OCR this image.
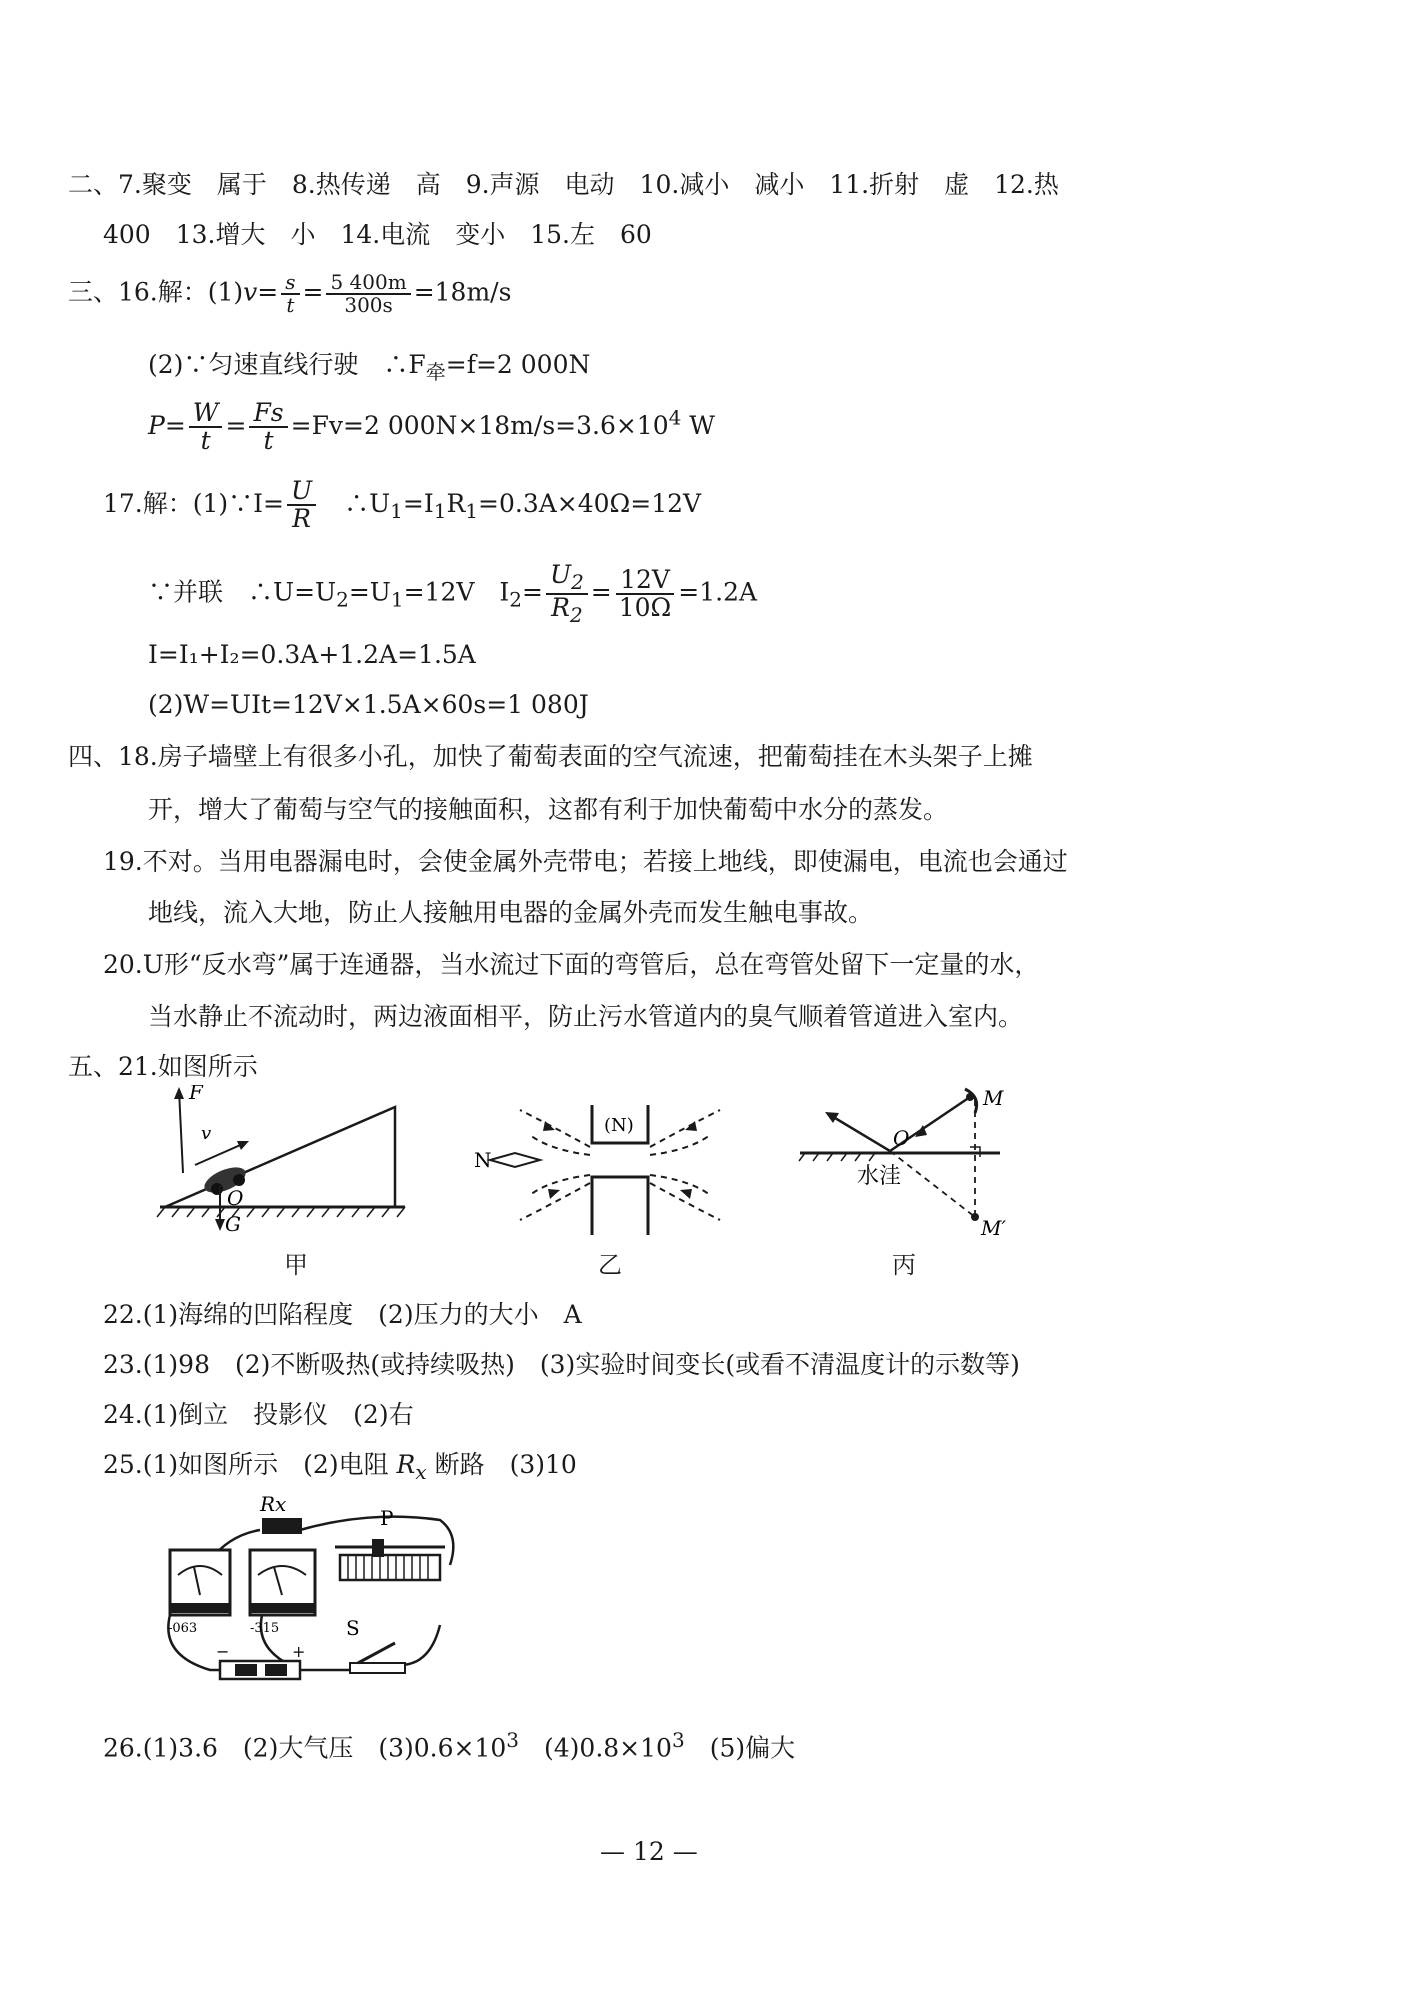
二、7.聚变　属于　8.热传递　高　9.声源　电动　10.减小　减小　11.折射　虚　12.热
400　13.增大　小　14.电流　变小　15.左　60
三、16.解：$(1)v= \frac{s}{t} = \frac{5 400m}{300s} =18m/s$
(2)∵匀速直线行驶　$\therefore F_牵=f=2$ 000N
$P= \frac{W}{t} = \frac{Fs}{t} =Fv=2$ $000N\times 18m/s=3.6\times 10^4$ W
17.解：(1)∵I= $\frac{U}{R}$ 　$\therefore U_1=I_1R_1=0.3A\times 40\Omega=12V$
∵并联　$\therefore U=U_2=U_1=12V$　$I_2= \frac{U_2}{R_2} = \frac{12V}{10\Omega} =1.2A$
I=I₁+I₂=0.3A+1.2A=1.5A
(2)W=UIt=12V×1.5A×60s=1 080J
四、18.房子墙壁上有很多小孔，加快了葡萄表面的空气流速，把葡萄挂在木头架子上摊
开，增大了葡萄与空气的接触面积，这都有利于加快葡萄中水分的蒸发。
19.不对。当用电器漏电时，会使金属外壳带电；若接上地线，即使漏电，电流也会通过
地线，流入大地，防止人接触用电器的金属外壳而发生触电事故。
20.U形“反水弯”属于连通器，当水流过下面的弯管后，总在弯管处留下一定量的水，
当水静止不流动时，两边液面相平，防止污水管道内的臭气顺着管道进入室内。
五、21.如图所示
F
v
O
G
甲
(N)
N
乙
M
O
水洼
M′
丙
22.(1)海绵的凹陷程度　(2)压力的大小　A
23.(1)98　(2)不断吸热(或持续吸热)　(3)实验时间变长(或看不清温度计的示数等)
24.(1)倒立　投影仪　(2)右
25.(1)如图所示　(2)电阻 $R_x$ 断路　(3)10
Rx
-063	-315
P
S
−	+
26.(1)3.6　(2)大气压　$(3)0.6\times 10^3$　$(4)0.8\times 10^3$　(5)偏大
— 12 —
